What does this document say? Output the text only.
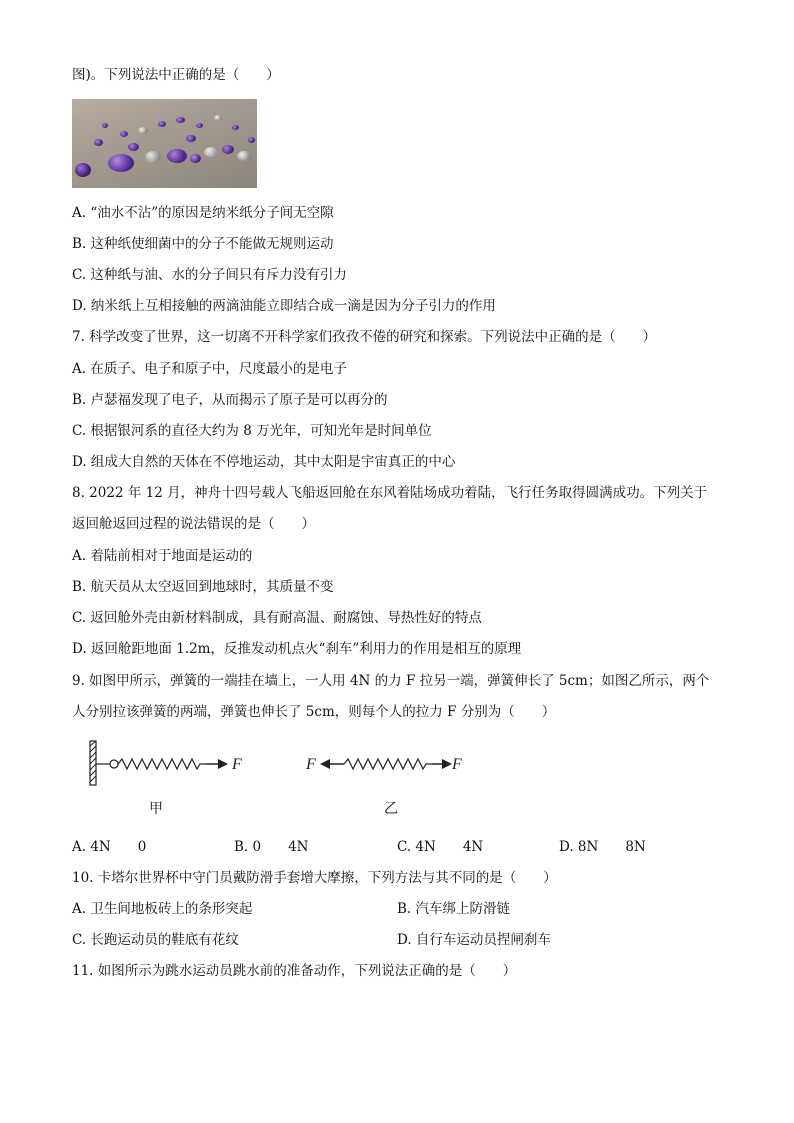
图)。下列说法中正确的是（　　）
A. “油水不沾”的原因是纳米纸分子间无空隙
B. 这种纸使细菌中的分子不能做无规则运动
C. 这种纸与油、水的分子间只有斥力没有引力
D. 纳米纸上互相接触的两滴油能立即结合成一滴是因为分子引力的作用
7. 科学改变了世界，这一切离不开科学家们孜孜不倦的研究和探索。下列说法中正确的是（　　）
A. 在质子、电子和原子中，尺度最小的是电子
B. 卢瑟福发现了电子，从而揭示了原子是可以再分的
C. 根据银河系的直径大约为 8 万光年，可知光年是时间单位
D. 组成大自然的天体在不停地运动，其中太阳是宇宙真正的中心
8. 2022 年 12 月，神舟十四号载人飞船返回舱在东风着陆场成功着陆，飞行任务取得圆满成功。下列关于
返回舱返回过程的说法错误的是（　　）
A. 着陆前相对于地面是运动的
B. 航天员从太空返回到地球时，其质量不变
C. 返回舱外壳由新材料制成，具有耐高温、耐腐蚀、导热性好的特点
D. 返回舱距地面 1.2m，反推发动机点火“刹车”利用力的作用是相互的原理
9. 如图甲所示，弹簧的一端挂在墙上，一人用 4N 的力 F 拉另一端，弹簧伸长了 5cm；如图乙所示，两个
人分别拉该弹簧的两端，弹簧也伸长了 5cm，则每个人的拉力 F 分别为（　　）
F
甲
F	F
乙
A. 4N　　0	B. 0　　4N	C. 4N　　4N	D. 8N　　8N
10. 卡塔尔世界杯中守门员戴防滑手套增大摩擦，下列方法与其不同的是（　　）
A. 卫生间地板砖上的条形突起	B. 汽车绑上防滑链
C. 长跑运动员的鞋底有花纹	D. 自行车运动员捏闸刹车
11. 如图所示为跳水运动员跳水前的准备动作，下列说法正确的是（　　）
